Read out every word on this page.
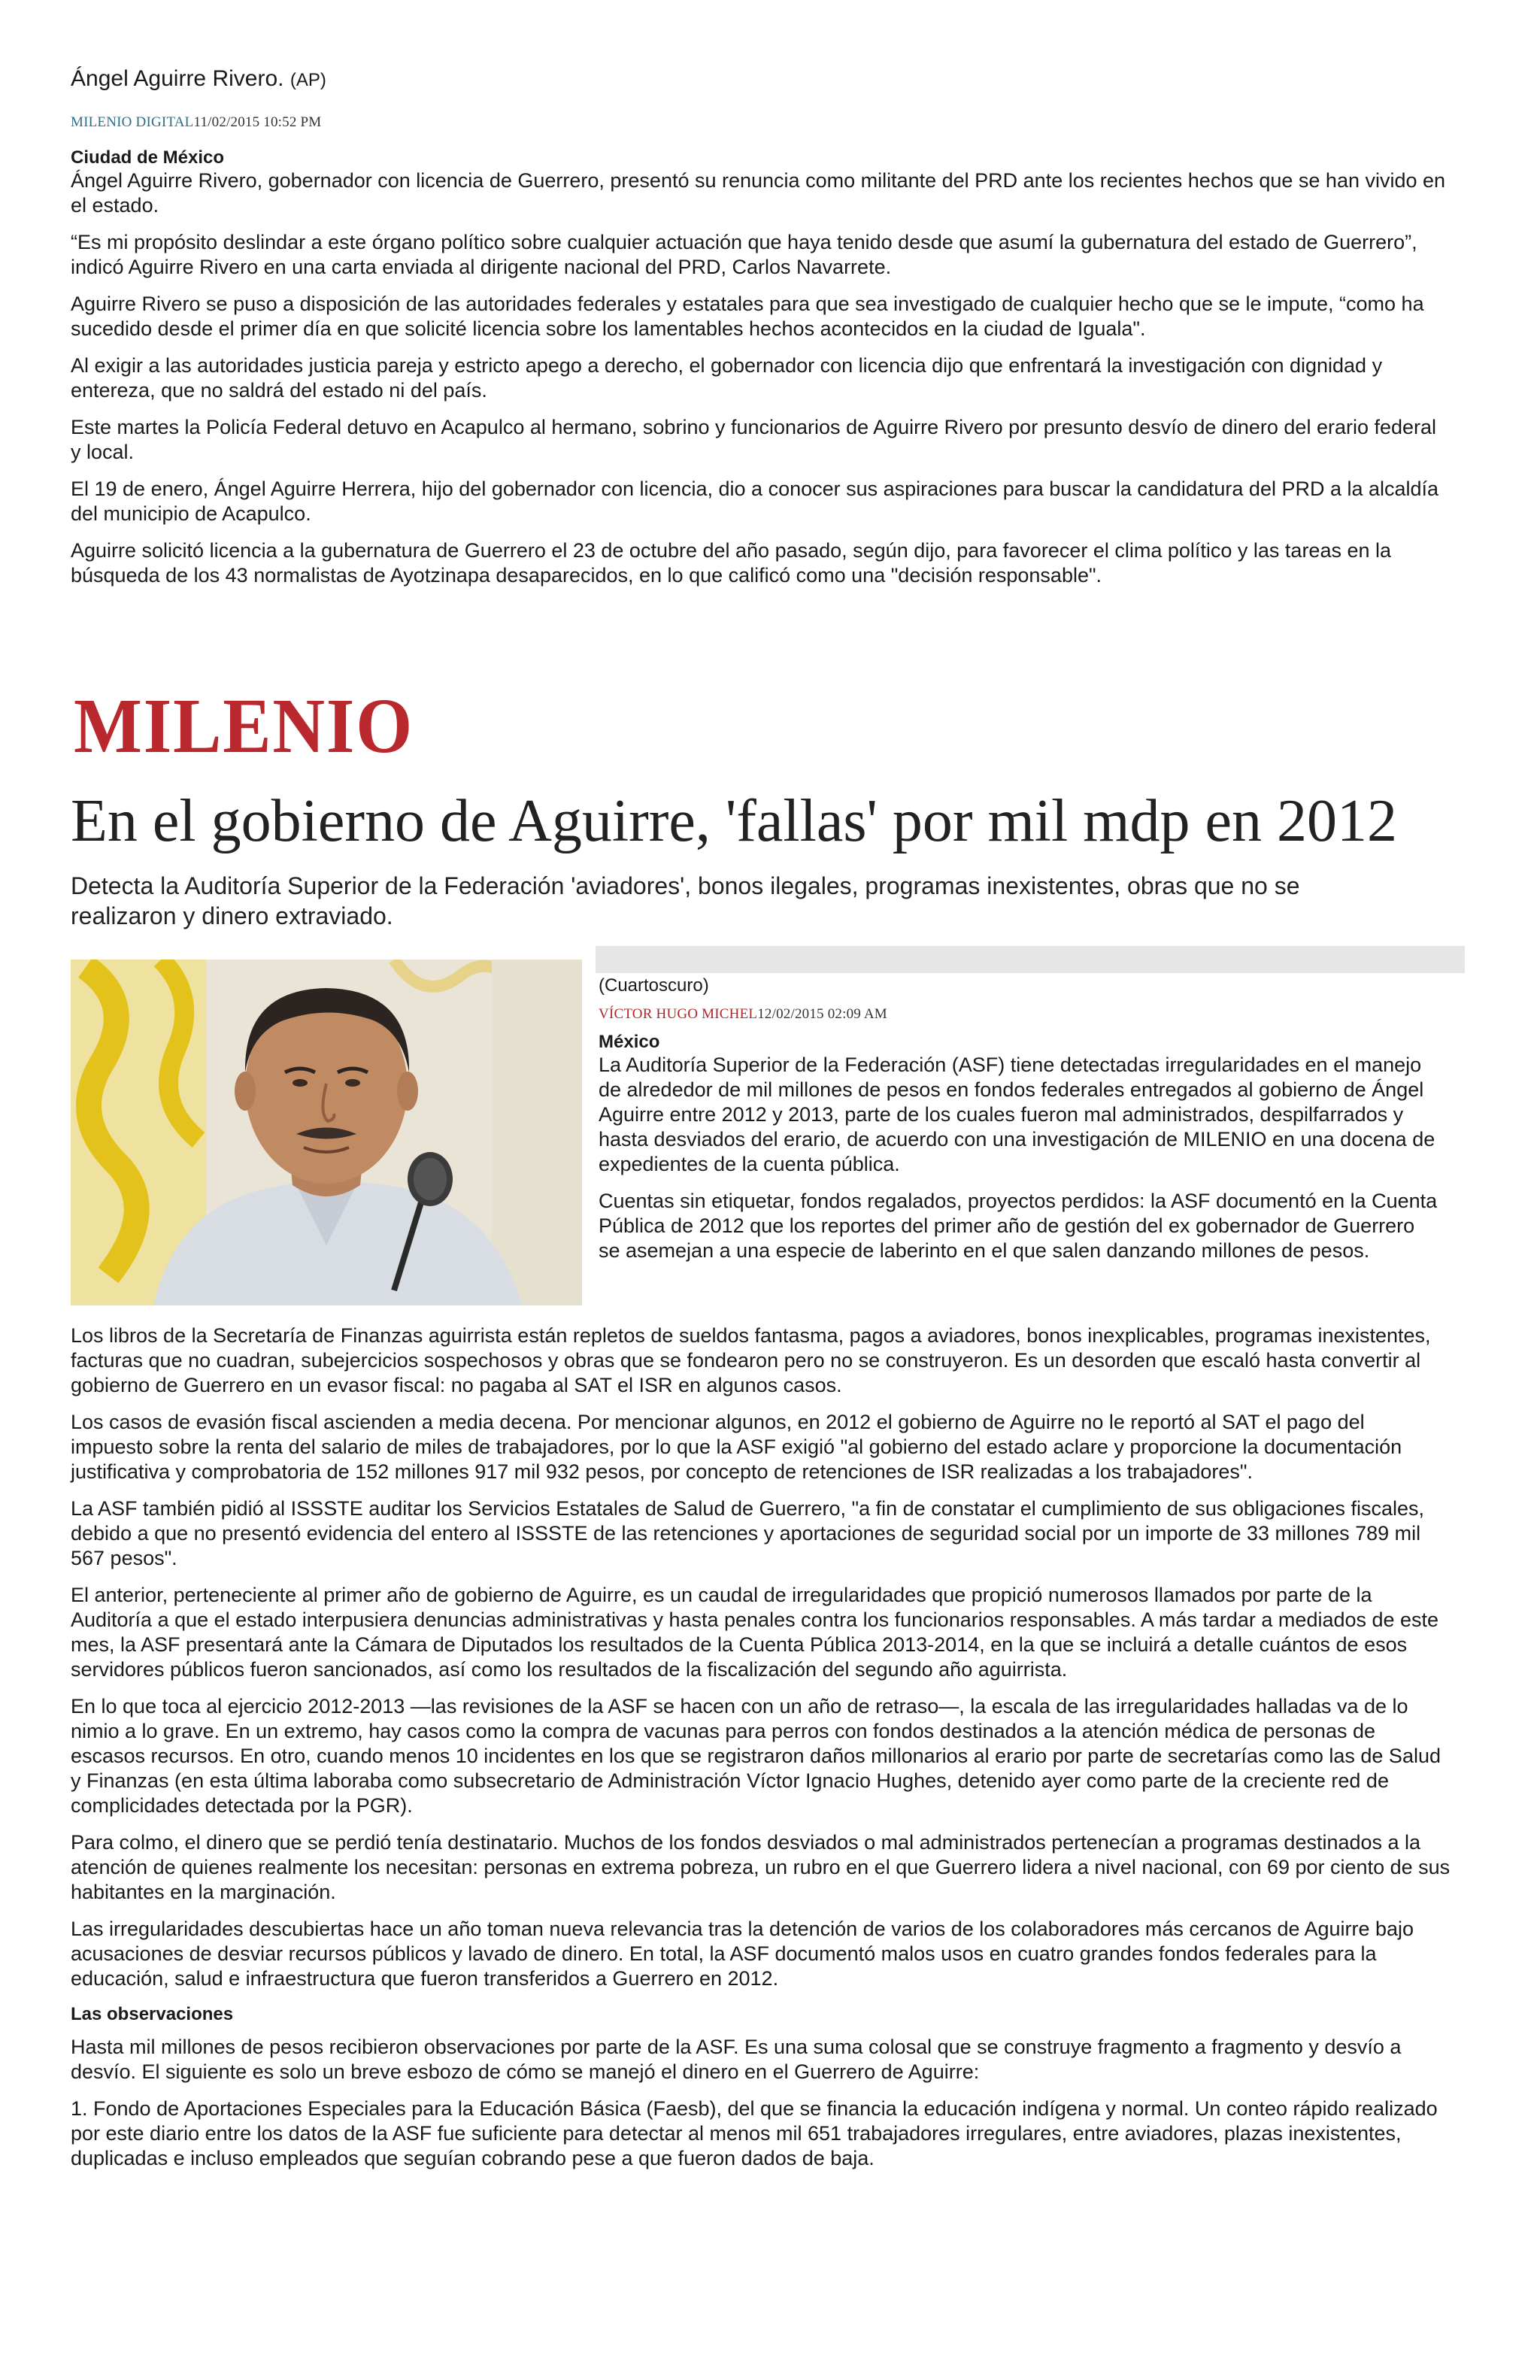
Ángel Aguirre Rivero. (AP)
MILENIO DIGITAL11/02/2015 10:52 PM
Ciudad de México

Ángel Aguirre Rivero, gobernador con licencia de Guerrero, presentó su renuncia como militante del PRD ante los recientes hechos que se han vivido en el estado.

“Es mi propósito deslindar a este órgano político sobre cualquier actuación que haya tenido desde que asumí la gubernatura del estado de Guerrero”, indicó Aguirre Rivero en una carta enviada al dirigente nacional del PRD, Carlos Navarrete.

Aguirre Rivero se puso a disposición de las autoridades federales y estatales para que sea investigado de cualquier hecho que se le impute, “como ha sucedido desde el primer día en que solicité licencia sobre los lamentables hechos acontecidos en la ciudad de Iguala".

Al exigir a las autoridades justicia pareja y estricto apego a derecho, el gobernador con licencia dijo que enfrentará la investigación con dignidad y entereza, que no saldrá del estado ni del país.

Este martes la Policía Federal detuvo en Acapulco al hermano, sobrino y funcionarios de Aguirre Rivero por presunto desvío de dinero del erario federal y local.

El 19 de enero, Ángel Aguirre Herrera, hijo del gobernador con licencia, dio a conocer sus aspiraciones para buscar la candidatura del PRD a la alcaldía del municipio de Acapulco.

Aguirre solicitó licencia a la gubernatura de Guerrero el 23 de octubre del año pasado, según dijo, para favorecer el clima político y las tareas en la búsqueda de los 43 normalistas de Ayotzinapa desaparecidos, en lo que calificó como una "decisión responsable".

MILENIO
En el gobierno de Aguirre, 'fallas' por mil mdp en 2012
Detecta la Auditoría Superior de la Federación 'aviadores', bonos ilegales, programas inexistentes, obras que no se realizaron y dinero extraviado.
(Cuartoscuro)
VÍCTOR HUGO MICHEL12/02/2015 02:09 AM
México

La Auditoría Superior de la Federación (ASF) tiene detectadas irregularidades en el manejo de alrededor de mil millones de pesos en fondos federales entregados al gobierno de Ángel Aguirre entre 2012 y 2013, parte de los cuales fueron mal administrados, despilfarrados y hasta desviados del erario, de acuerdo con una investigación de MILENIO en una docena de expedientes de la cuenta pública.

Cuentas sin etiquetar, fondos regalados, proyectos perdidos: la ASF documentó en la Cuenta Pública de 2012 que los reportes del primer año de gestión del ex gobernador de Guerrero se asemejan a una especie de laberinto en el que salen danzando millones de pesos.

Los libros de la Secretaría de Finanzas aguirrista están repletos de sueldos fantasma, pagos a aviadores, bonos inexplicables, programas inexistentes, facturas que no cuadran, subejercicios sospechosos y obras que se fondearon pero no se construyeron. Es un desorden que escaló hasta convertir al gobierno de Guerrero en un evasor fiscal: no pagaba al SAT el ISR en algunos casos.

Los casos de evasión fiscal ascienden a media decena. Por mencionar algunos, en 2012 el gobierno de Aguirre no le reportó al SAT el pago del impuesto sobre la renta del salario de miles de trabajadores, por lo que la ASF exigió "al gobierno del estado aclare y proporcione la documentación justificativa y comprobatoria de 152 millones 917 mil 932 pesos, por concepto de retenciones de ISR realizadas a los trabajadores".

La ASF también pidió al ISSSTE auditar los Servicios Estatales de Salud de Guerrero, "a fin de constatar el cumplimiento de sus obligaciones fiscales, debido a que no presentó evidencia del entero al ISSSTE de las retenciones y aportaciones de seguridad social por un importe de 33 millones 789 mil 567 pesos".

El anterior, perteneciente al primer año de gobierno de Aguirre, es un caudal de irregularidades que propició numerosos llamados por parte de la Auditoría a que el estado interpusiera denuncias administrativas y hasta penales contra los funcionarios responsables. A más tardar a mediados de este mes, la ASF presentará ante la Cámara de Diputados los resultados de la Cuenta Pública 2013-2014, en la que se incluirá a detalle cuántos de esos servidores públicos fueron sancionados, así como los resultados de la fiscalización del segundo año aguirrista.

En lo que toca al ejercicio 2012-2013 —las revisiones de la ASF se hacen con un año de retraso—, la escala de las irregularidades halladas va de lo nimio a lo grave. En un extremo, hay casos como la compra de vacunas para perros con fondos destinados a la atención médica de personas de escasos recursos. En otro, cuando menos 10 incidentes en los que se registraron daños millonarios al erario por parte de secretarías como las de Salud y Finanzas (en esta última laboraba como subsecretario de Administración Víctor Ignacio Hughes, detenido ayer como parte de la creciente red de complicidades detectada por la PGR).

Para colmo, el dinero que se perdió tenía destinatario. Muchos de los fondos desviados o mal administrados pertenecían a programas destinados a la atención de quienes realmente los necesitan: personas en extrema pobreza, un rubro en el que Guerrero lidera a nivel nacional, con 69 por ciento de sus habitantes en la marginación.

Las irregularidades descubiertas hace un año toman nueva relevancia tras la detención de varios de los colaboradores más cercanos de Aguirre bajo acusaciones de desviar recursos públicos y lavado de dinero. En total, la ASF documentó malos usos en cuatro grandes fondos federales para la educación, salud e infraestructura que fueron transferidos a Guerrero en 2012.

Las observaciones

Hasta mil millones de pesos recibieron observaciones por parte de la ASF. Es una suma colosal que se construye fragmento a fragmento y desvío a desvío. El siguiente es solo un breve esbozo de cómo se manejó el dinero en el Guerrero de Aguirre:

1. Fondo de Aportaciones Especiales para la Educación Básica (Faesb), del que se financia la educación indígena y normal. Un conteo rápido realizado por este diario entre los datos de la ASF fue suficiente para detectar al menos mil 651 trabajadores irregulares, entre aviadores, plazas inexistentes, duplicadas e incluso empleados que seguían cobrando pese a que fueron dados de baja.
